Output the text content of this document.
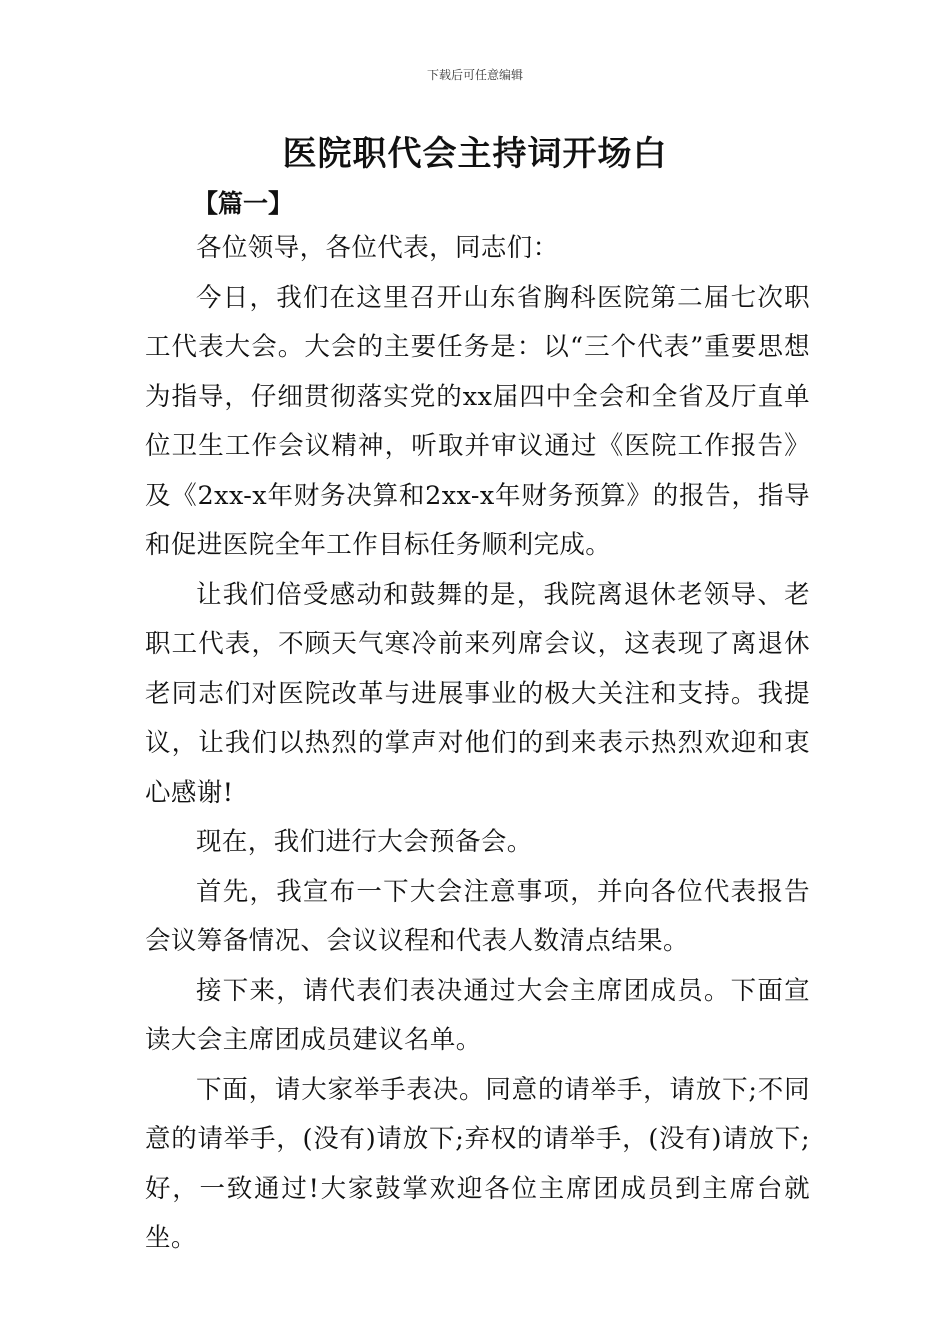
下载后可任意编辑
医院职代会主持词开场白
【篇一】

各位领导，各位代表，同志们：

今日，我们在这里召开山东省胸科医院第二届七次职工代表大会。大会的主要任务是：以“三个代表”重要思想为指导，仔细贯彻落实党的xx届四中全会和全省及厅直单位卫生工作会议精神，听取并审议通过《医院工作报告》及《2xx-x年财务决算和2xx-x年财务预算》的报告，指导和促进医院全年工作目标任务顺利完成。

让我们倍受感动和鼓舞的是，我院离退休老领导、老职工代表，不顾天气寒冷前来列席会议，这表现了离退休老同志们对医院改革与进展事业的极大关注和支持。我提议，让我们以热烈的掌声对他们的到来表示热烈欢迎和衷心感谢!

现在，我们进行大会预备会。

首先，我宣布一下大会注意事项，并向各位代表报告会议筹备情况、会议议程和代表人数清点结果。

接下来，请代表们表决通过大会主席团成员。下面宣读大会主席团成员建议名单。

下面，请大家举手表决。同意的请举手，请放下;不同意的请举手，(没有)请放下;弃权的请举手，(没有)请放下;好，一致通过!大家鼓掌欢迎各位主席团成员到主席台就坐。
